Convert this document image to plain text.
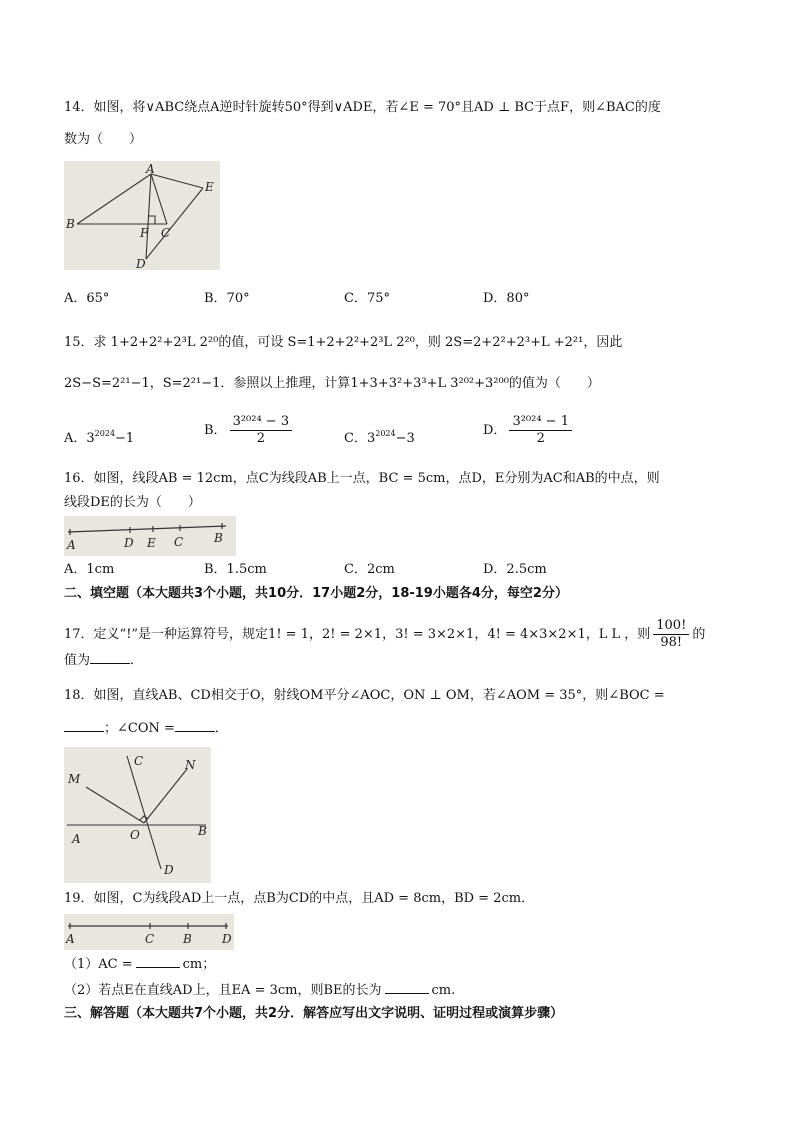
14．如图，将∨ABC绕点A逆时针旋转50°得到∨ADE，若∠E = 70°且AD ⊥ BC于点F，则∠BAC的度
数为（　　）
A
B
C
D
E
F
A．65°	B．70°	C．75°	D．80°
15．求 1+2+2²+2³L 2²⁰的值，可设 S=1+2+2²+2³L 2²⁰，则 2S=2+2²+2³+L +2²¹，因此
2S−S=2²¹−1，S=2²¹−1．参照以上推理，计算1+3+3²+3³+L 3²⁰²+3²⁰⁰的值为（　　）
A．$3^{2024}-1$
B． $\frac{\text{3²⁰²⁴ − 3}}{2}$	C．$3^{2024}-3$
D． $\frac{\text{3²⁰²⁴ − 1}}{2}$
16．如图，线段AB = 12cm，点C为线段AB上一点，BC = 5cm，点D，E分别为AC和AB的中点，则
线段DE的长为（　　）
A	D E C	B
A．1cm	B．1.5cm	C．2cm	D．2.5cm
二、填空题（本大题共3个小题，共10分．17小题2分，18-19小题各4分，每空2分）
17．定义“!”是一种运算符号，规定1! = 1，2! = 2×1，3! = 3×2×1，4! = 4×3×2×1，L L ，则 $\frac{100!}{98!}$ 的
值为	．
18．如图，直线AB、CD相交于O，射线OM平分∠AOC，ON ⊥ OM，若∠AOM = 35°，则∠BOC =
；∠CON =	．
A
B
C
D
M
N
O
19．如图，C为线段AD上一点，点B为CD的中点，且AD = 8cm，BD = 2cm．
A	C B	D
（1）AC =	cm；
（2）若点E在直线AD上，且EA = 3cm，则BE的长为	cm.
三、解答题（本大题共7个小题，共2分．解答应写出文字说明、证明过程或演算步骤）
